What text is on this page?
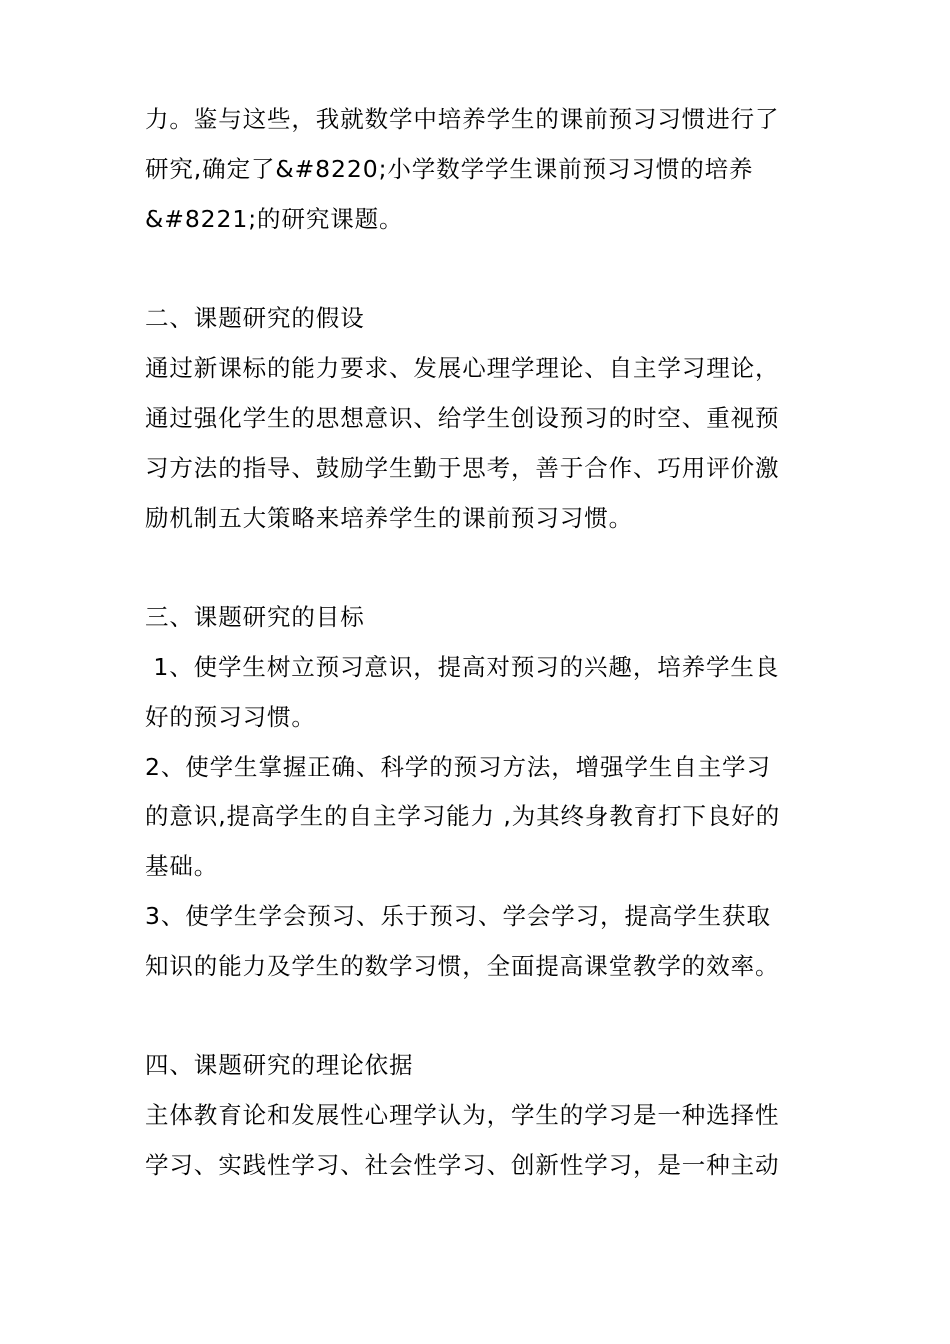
力。鉴与这些，我就数学中培养学生的课前预习习惯进行了
研究,确定了&#8220;小学数学学生课前预习习惯的培养
&#8221;的研究课题。
二、课题研究的假设
通过新课标的能力要求、发展心理学理论、自主学习理论，
通过强化学生的思想意识、给学生创设预习的时空、重视预
习方法的指导、鼓励学生勤于思考，善于合作、巧用评价激
励机制五大策略来培养学生的课前预习习惯。
三、课题研究的目标
1、使学生树立预习意识，提高对预习的兴趣，培养学生良
好的预习习惯。
2、使学生掌握正确、科学的预习方法，增强学生自主学习
的意识,提高学生的自主学习能力 ,为其终身教育打下良好的
基础。
3、使学生学会预习、乐于预习、学会学习，提高学生获取
知识的能力及学生的数学习惯，全面提高课堂教学的效率。
四、课题研究的理论依据
主体教育论和发展性心理学认为，学生的学习是一种选择性
学习、实践性学习、社会性学习、创新性学习，是一种主动
